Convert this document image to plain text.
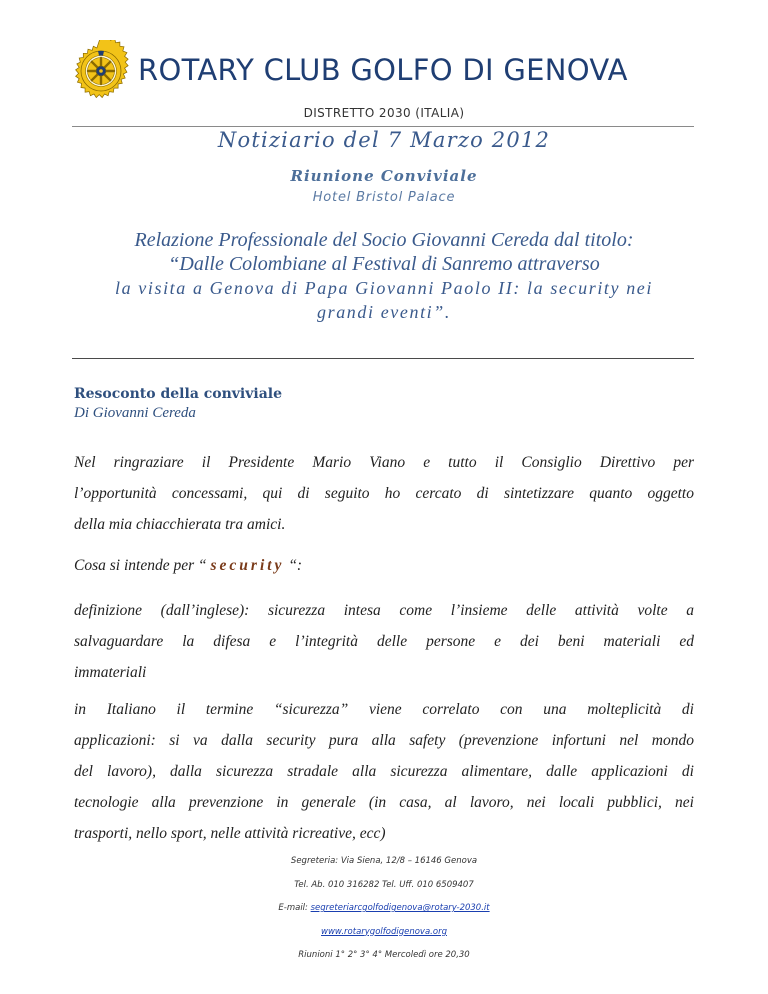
ROTARY CLUB GOLFO DI GENOVA
DISTRETTO 2030 (ITALIA)
Notiziario del 7 Marzo 2012
Riunione Conviviale
Hotel Bristol Palace
Relazione Professionale del Socio Giovanni Cereda dal titolo:
“Dalle Colombiane al Festival di Sanremo attraverso
la visita a Genova di Papa Giovanni Paolo II: la security nei
grandi eventi”.
Resoconto della conviviale
Di Giovanni Cereda
Nel ringraziare il Presidente Mario Viano e tutto il Consiglio Direttivo per
l’opportunità concessami, qui di seguito ho cercato di sintetizzare quanto oggetto
della mia chiacchierata tra amici.
Cosa si intende per “ security “:
definizione (dall’inglese): sicurezza intesa come l’insieme delle attività volte a
salvaguardare la difesa e l’integrità delle persone e dei beni materiali ed
immateriali
in Italiano il termine “sicurezza” viene correlato con una molteplicità di
applicazioni: si va dalla security pura alla safety (prevenzione infortuni nel mondo
del lavoro), dalla sicurezza stradale alla sicurezza alimentare, dalle applicazioni di
tecnologie alla prevenzione in generale (in casa, al lavoro, nei locali pubblici, nei
trasporti, nello sport, nelle attività ricreative, ecc)
Segreteria: Via Siena, 12/8 – 16146 Genova
Tel. Ab. 010 316282 Tel. Uff. 010 6509407
E-mail: segreteriarcgolfodigenova@rotary-2030.it
www.rotarygolfodigenova.org
Riunioni 1° 2° 3° 4° Mercoledì ore 20,30
